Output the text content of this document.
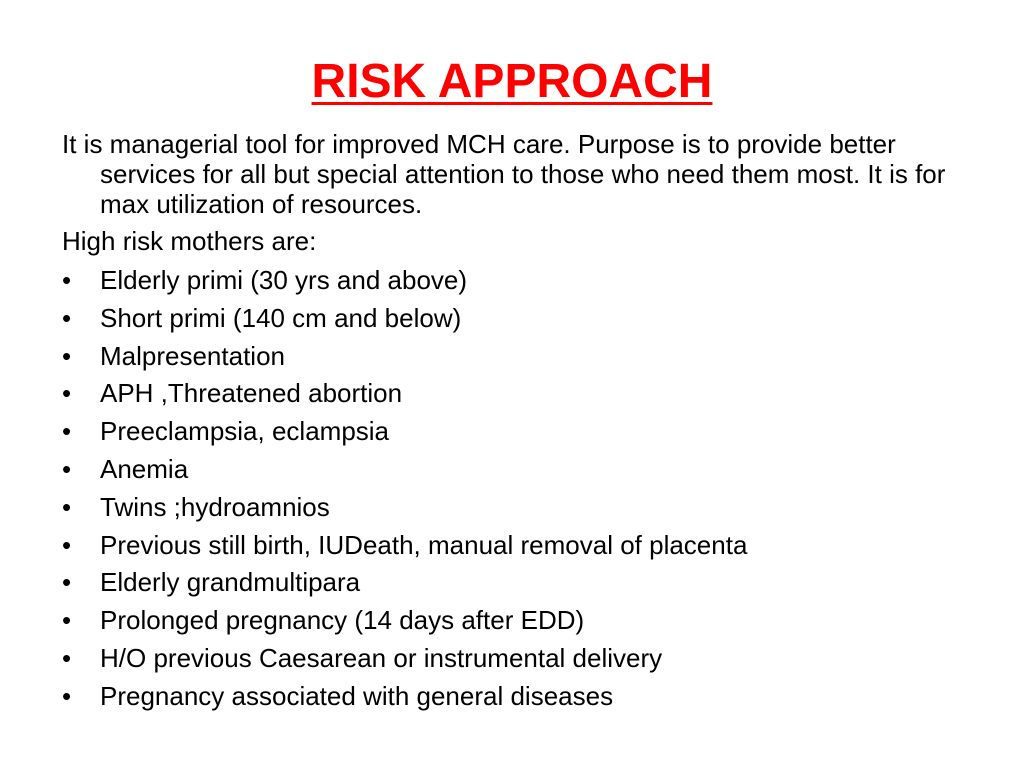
RISK APPROACH

It is managerial tool for improved MCH care. Purpose is to provide better services for all but special attention to those who need them most. It is for max utilization of resources.

High risk mothers are:

• Elderly primi (30 yrs and above)
• Short primi (140 cm and below)
• Malpresentation
• APH ,Threatened abortion
• Preeclampsia, eclampsia
• Anemia
• Twins ;hydroamnios
• Previous still birth, IUDeath, manual removal of placenta
• Elderly grandmultipara
• Prolonged pregnancy (14 days after EDD)
• H/O previous Caesarean or instrumental delivery
• Pregnancy associated with general diseases
